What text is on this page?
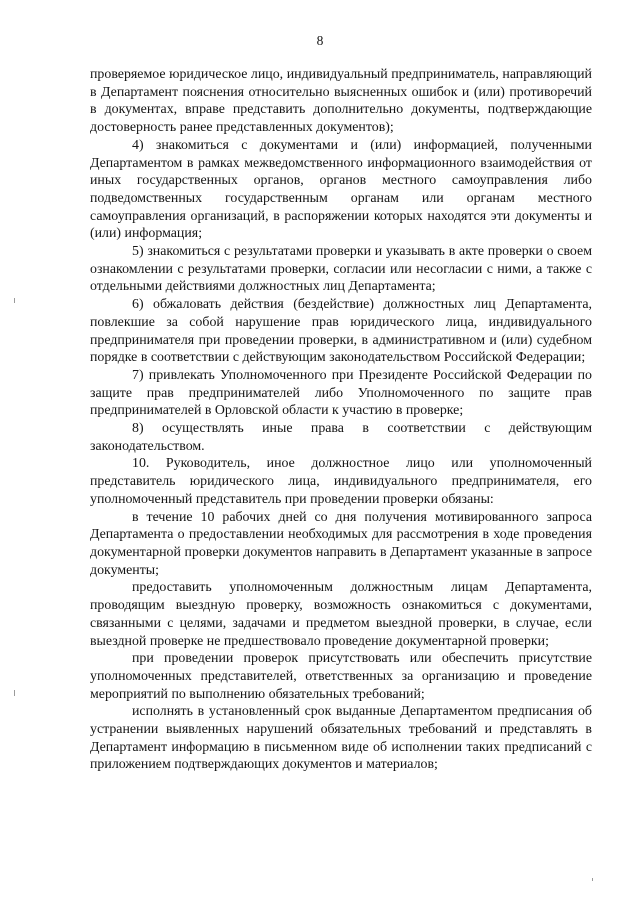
8

проверяемое юридическое лицо, индивидуальный предприниматель, направляющий в Департамент пояснения относительно выясненных ошибок и (или) противоречий в документах, вправе представить дополнительно документы, подтверждающие достоверность ранее представленных документов);

4) знакомиться с документами и (или) информацией, полученными Департаментом в рамках межведомственного информационного взаимодействия от иных государственных органов, органов местного самоуправления либо подведомственных государственным органам или органам местного самоуправления организаций, в распоряжении которых находятся эти документы и (или) информация;

5) знакомиться с результатами проверки и указывать в акте проверки о своем ознакомлении с результатами проверки, согласии или несогласии с ними, а также с отдельными действиями должностных лиц Департамента;

6) обжаловать действия (бездействие) должностных лиц Департамента, повлекшие за собой нарушение прав юридического лица, индивидуального предпринимателя при проведении проверки, в административном и (или) судебном порядке в соответствии с действующим законодательством Российской Федерации;

7) привлекать Уполномоченного при Президенте Российской Федерации по защите прав предпринимателей либо Уполномоченного по защите прав предпринимателей в Орловской области к участию в проверке;

8) осуществлять иные права в соответствии с действующим законодательством.

10. Руководитель, иное должностное лицо или уполномоченный представитель юридического лица, индивидуального предпринимателя, его уполномоченный представитель при проведении проверки обязаны:

в течение 10 рабочих дней со дня получения мотивированного запроса Департамента о предоставлении необходимых для рассмотрения в ходе проведения документарной проверки документов направить в Департамент указанные в запросе документы;

предоставить уполномоченным должностным лицам Департамента, проводящим выездную проверку, возможность ознакомиться с документами, связанными с целями, задачами и предметом выездной проверки, в случае, если выездной проверке не предшествовало проведение документарной проверки;

при проведении проверок присутствовать или обеспечить присутствие уполномоченных представителей, ответственных за организацию и проведение мероприятий по выполнению обязательных требований;

исполнять в установленный срок выданные Департаментом предписания об устранении выявленных нарушений обязательных требований и представлять в Департамент информацию в письменном виде об исполнении таких предписаний с приложением подтверждающих документов и материалов;
